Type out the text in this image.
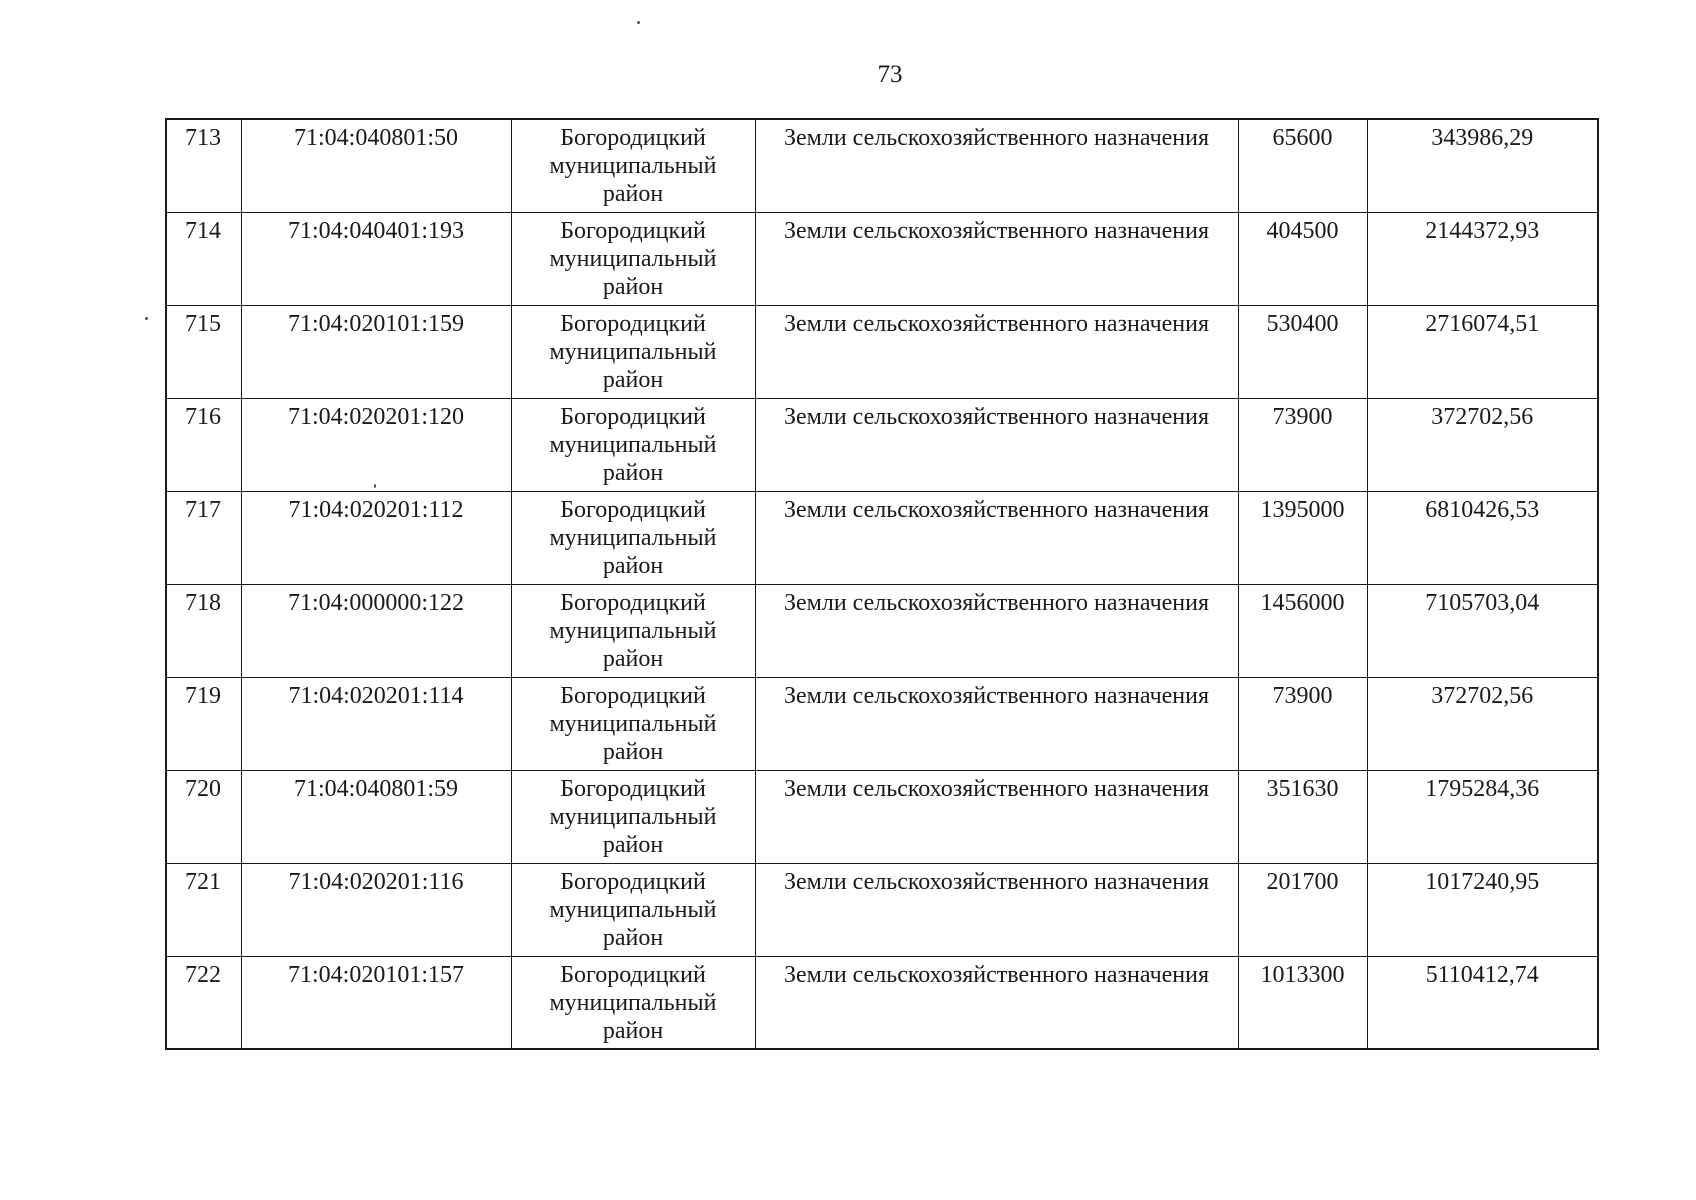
73
713	71:04:040801:50	Богородицкий
муниципальный
район	Земли сельскохозяйственного назначения	65600	343986,29
714	71:04:040401:193	Богородицкий
муниципальный
район	Земли сельскохозяйственного назначения	404500	2144372,93
715	71:04:020101:159	Богородицкий
муниципальный
район	Земли сельскохозяйственного назначения	530400	2716074,51
716	71:04:020201:120	Богородицкий
муниципальный
район	Земли сельскохозяйственного назначения	73900	372702,56
717	71:04:020201:112	Богородицкий
муниципальный
район	Земли сельскохозяйственного назначения	1395000	6810426,53
718	71:04:000000:122	Богородицкий
муниципальный
район	Земли сельскохозяйственного назначения	1456000	7105703,04
719	71:04:020201:114	Богородицкий
муниципальный
район	Земли сельскохозяйственного назначения	73900	372702,56
720	71:04:040801:59	Богородицкий
муниципальный
район	Земли сельскохозяйственного назначения	351630	1795284,36
721	71:04:020201:116	Богородицкий
муниципальный
район	Земли сельскохозяйственного назначения	201700	1017240,95
722	71:04:020101:157	Богородицкий
муниципальный
район	Земли сельскохозяйственного назначения	1013300	5110412,74
